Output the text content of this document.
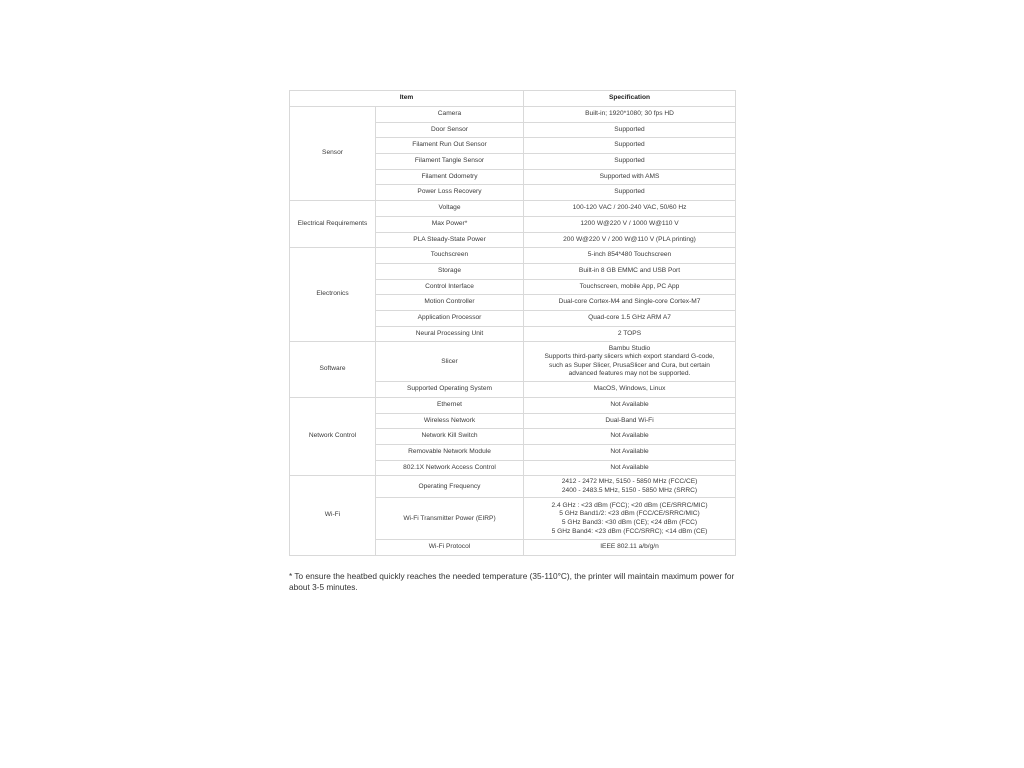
Item		Specification
Sensor	Camera	Built-in; 1920*1080; 30 fps HD

	Door Sensor	Supported

	Filament Run Out Sensor	Supported

	Filament Tangle Sensor	Supported

	Filament Odometry	Supported with AMS

	Power Loss Recovery	Supported

Electrical Requirements	Voltage	100-120 VAC / 200-240 VAC, 50/60 Hz

	Max Power*	1200 W@220 V / 1000 W@110 V

	PLA Steady-State Power	200 W@220 V / 200 W@110 V (PLA printing)

Electronics	Touchscreen	5-inch 854*480 Touchscreen

	Storage	Built-in 8 GB EMMC and USB Port

	Control Interface	Touchscreen, mobile App, PC App

	Motion Controller	Dual-core Cortex-M4 and Single-core Cortex-M7

	Application Processor	Quad-core 1.5 GHz ARM A7

	Neural Processing Unit	2 TOPS

Software	Slicer	Bambu Studio
Supports third-party slicers which export standard G-code,
such as Super Slicer, PrusaSlicer and Cura, but certain
advanced features may not be supported.

	Supported Operating System	MacOS, Windows, Linux

Network Control	Ethernet	Not Available

	Wireless Network	Dual-Band Wi-Fi

	Network Kill Switch	Not Available

	Removable Network Module	Not Available

	802.1X Network Access Control	Not Available

Wi-Fi	Operating Frequency	2412 - 2472 MHz, 5150 - 5850 MHz (FCC/CE)
2400 - 2483.5 MHz, 5150 - 5850 MHz (SRRC)

	Wi-Fi Transmitter Power (EIRP)	2.4 GHz : <23 dBm (FCC); <20 dBm (CE/SRRC/MIC)
5 GHz Band1/2: <23 dBm (FCC/CE/SRRC/MIC)
5 GHz Band3: <30 dBm (CE); <24 dBm (FCC)
5 GHz Band4: <23 dBm (FCC/SRRC); <14 dBm (CE)

	Wi-Fi Protocol	IEEE 802.11 a/b/g/n

* To ensure the heatbed quickly reaches the needed temperature (35-110°C), the printer will maintain maximum power for about 3-5 minutes.
